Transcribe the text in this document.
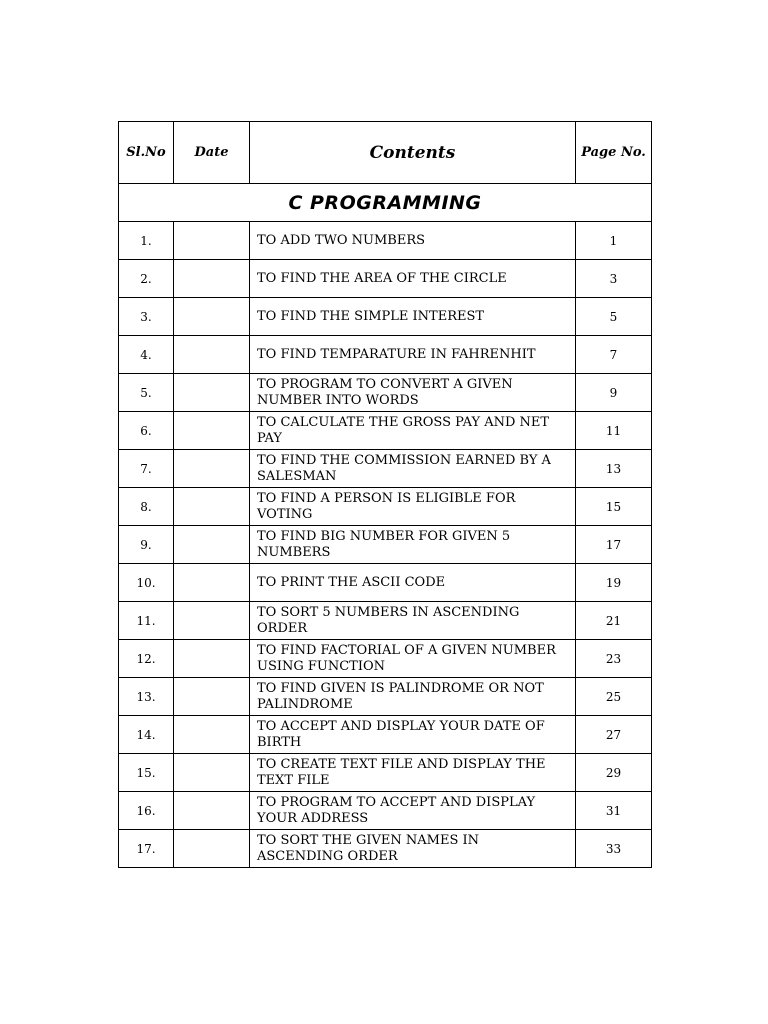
Sl.No	Date	Contents	Page No.
C PROGRAMMING			
1.		TO ADD TWO NUMBERS	1
2.		TO FIND THE AREA OF THE CIRCLE	3
3.		TO FIND THE SIMPLE INTEREST	5
4.		TO FIND TEMPARATURE IN FAHRENHIT	7
5.		TO PROGRAM TO CONVERT A GIVEN NUMBER INTO WORDS	9
6.		TO CALCULATE THE GROSS PAY AND NET PAY	11
7.		TO FIND THE COMMISSION EARNED BY A SALESMAN	13
8.		TO FIND A PERSON IS ELIGIBLE FOR VOTING	15
9.		TO FIND BIG NUMBER FOR GIVEN 5 NUMBERS	17
10.		TO PRINT THE ASCII CODE	19
11.		TO SORT 5 NUMBERS IN ASCENDING ORDER	21
12.		TO FIND FACTORIAL OF A GIVEN NUMBER USING FUNCTION	23
13.		TO FIND GIVEN IS PALINDROME OR NOT PALINDROME	25
14.		TO ACCEPT AND DISPLAY YOUR DATE OF BIRTH	27
15.		TO CREATE TEXT FILE AND DISPLAY THE TEXT FILE	29
16.		TO PROGRAM TO ACCEPT AND DISPLAY YOUR ADDRESS	31
17.		TO SORT THE GIVEN NAMES IN ASCENDING ORDER	33
